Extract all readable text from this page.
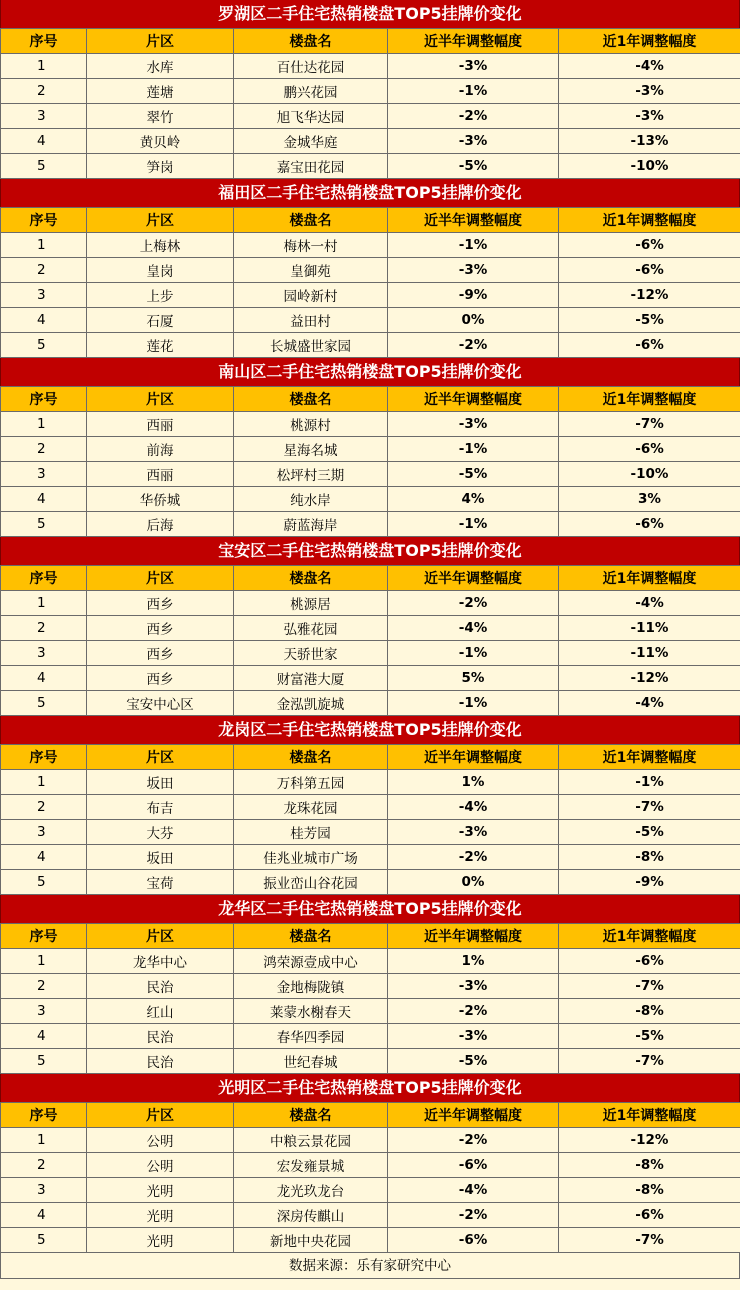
罗湖区二手住宅热销楼盘TOP5挂牌价变化
序号	片区	楼盘名	近半年调整幅度	近1年调整幅度
1	水库	百仕达花园	-3%	-4%
2	莲塘	鹏兴花园	-1%	-3%
3	翠竹	旭飞华达园	-2%	-3%
4	黄贝岭	金城华庭	-3%	-13%
5	笋岗	嘉宝田花园	-5%	-10%
福田区二手住宅热销楼盘TOP5挂牌价变化
序号	片区	楼盘名	近半年调整幅度	近1年调整幅度
1	上梅林	梅林一村	-1%	-6%
2	皇岗	皇御苑	-3%	-6%
3	上步	园岭新村	-9%	-12%
4	石厦	益田村	0%	-5%
5	莲花	长城盛世家园	-2%	-6%
南山区二手住宅热销楼盘TOP5挂牌价变化
序号	片区	楼盘名	近半年调整幅度	近1年调整幅度
1	西丽	桃源村	-3%	-7%
2	前海	星海名城	-1%	-6%
3	西丽	松坪村三期	-5%	-10%
4	华侨城	纯水岸	4%	3%
5	后海	蔚蓝海岸	-1%	-6%
宝安区二手住宅热销楼盘TOP5挂牌价变化
序号	片区	楼盘名	近半年调整幅度	近1年调整幅度
1	西乡	桃源居	-2%	-4%
2	西乡	弘雅花园	-4%	-11%
3	西乡	天骄世家	-1%	-11%
4	西乡	财富港大厦	5%	-12%
5	宝安中心区	金泓凯旋城	-1%	-4%
龙岗区二手住宅热销楼盘TOP5挂牌价变化
序号	片区	楼盘名	近半年调整幅度	近1年调整幅度
1	坂田	万科第五园	1%	-1%
2	布吉	龙珠花园	-4%	-7%
3	大芬	桂芳园	-3%	-5%
4	坂田	佳兆业城市广场	-2%	-8%
5	宝荷	振业峦山谷花园	0%	-9%
龙华区二手住宅热销楼盘TOP5挂牌价变化
序号	片区	楼盘名	近半年调整幅度	近1年调整幅度
1	龙华中心	鸿荣源壹成中心	1%	-6%
2	民治	金地梅陇镇	-3%	-7%
3	红山	莱蒙水榭春天	-2%	-8%
4	民治	春华四季园	-3%	-5%
5	民治	世纪春城	-5%	-7%
光明区二手住宅热销楼盘TOP5挂牌价变化
序号	片区	楼盘名	近半年调整幅度	近1年调整幅度
1	公明	中粮云景花园	-2%	-12%
2	公明	宏发雍景城	-6%	-8%
3	光明	龙光玖龙台	-4%	-8%
4	光明	深房传麒山	-2%	-6%
5	光明	新地中央花园	-6%	-7%
数据来源：乐有家研究中心
